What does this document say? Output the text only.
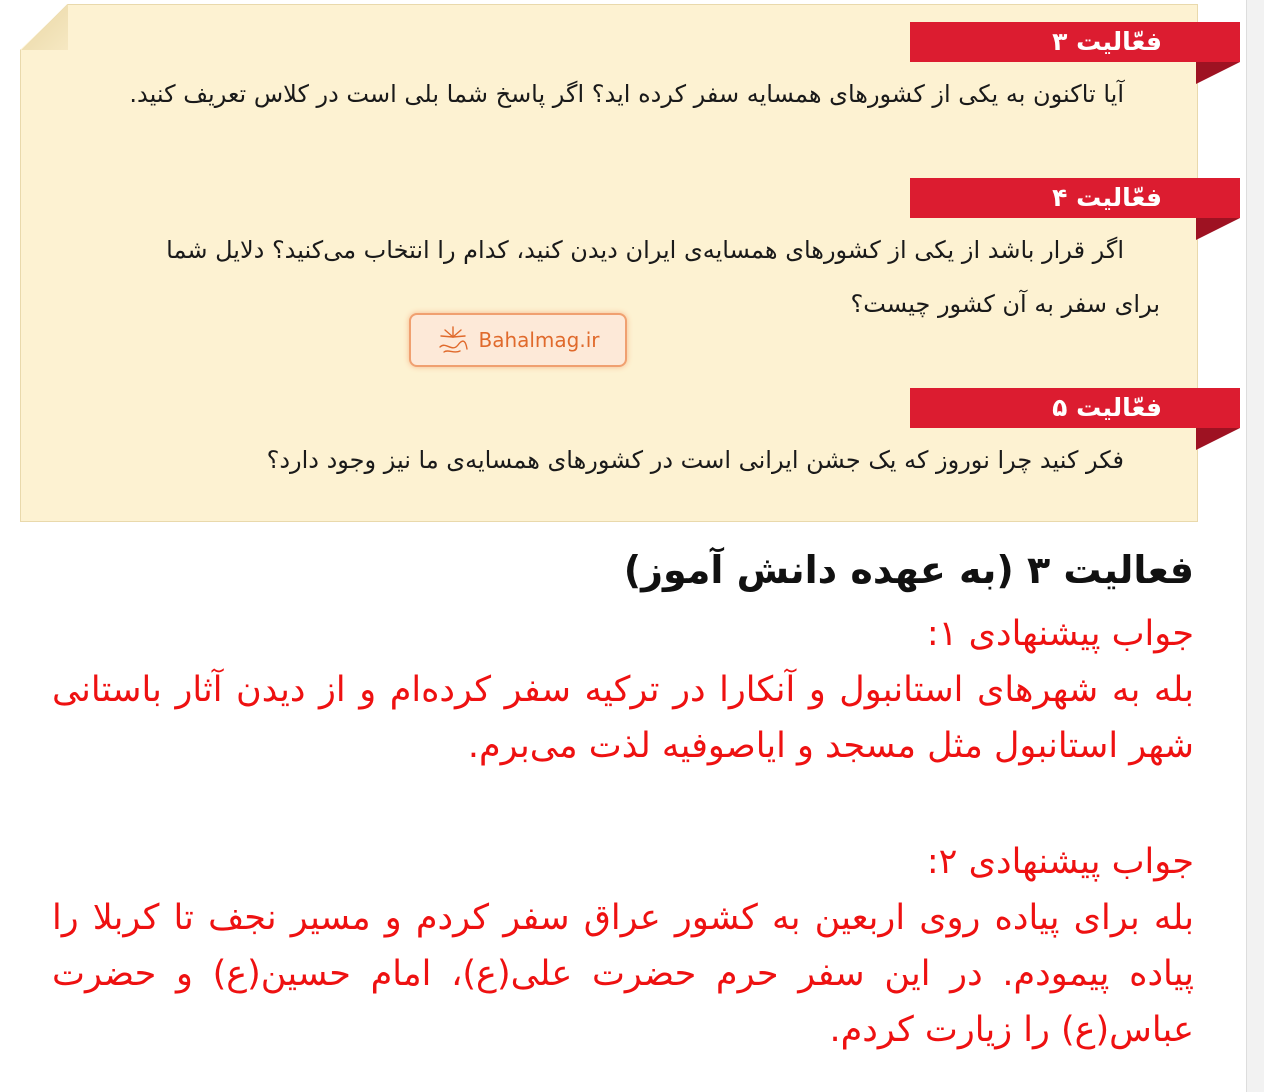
فعّالیت ۳
آیا تاکنون به یکی از کشورهای همسایه سفر کرده اید؟ اگر پاسخ شما بلی است در کلاس تعریف کنید.
فعّالیت ۴
اگر قرار باشد از یکی از کشورهای همسایه‌ی ایران دیدن کنید، کدام را انتخاب می‌کنید؟ دلایل شما
برای سفر به آن کشور چیست؟
Bahalmag.ir
فعّالیت ۵
فکر کنید چرا نوروز که یک جشن ایرانی است در کشورهای همسایه‌ی ما نیز وجود دارد؟
فعالیت ۳ (به عهده دانش آموز)
جواب پیشنهادی ۱:
بله به شهرهای استانبول و آنکارا در ترکیه سفر کرده‌ام و از دیدن آثار باستانی شهر استانبول مثل مسجد و ایاصوفیه لذت می‌برم.
جواب پیشنهادی ۲:
بله برای پیاده روی اربعین به کشور عراق سفر کردم و مسیر نجف تا کربلا را پیاده پیمودم. در این سفر حرم حضرت علی(ع)، امام حسین(ع) و حضرت عباس(ع) را زیارت کردم.
